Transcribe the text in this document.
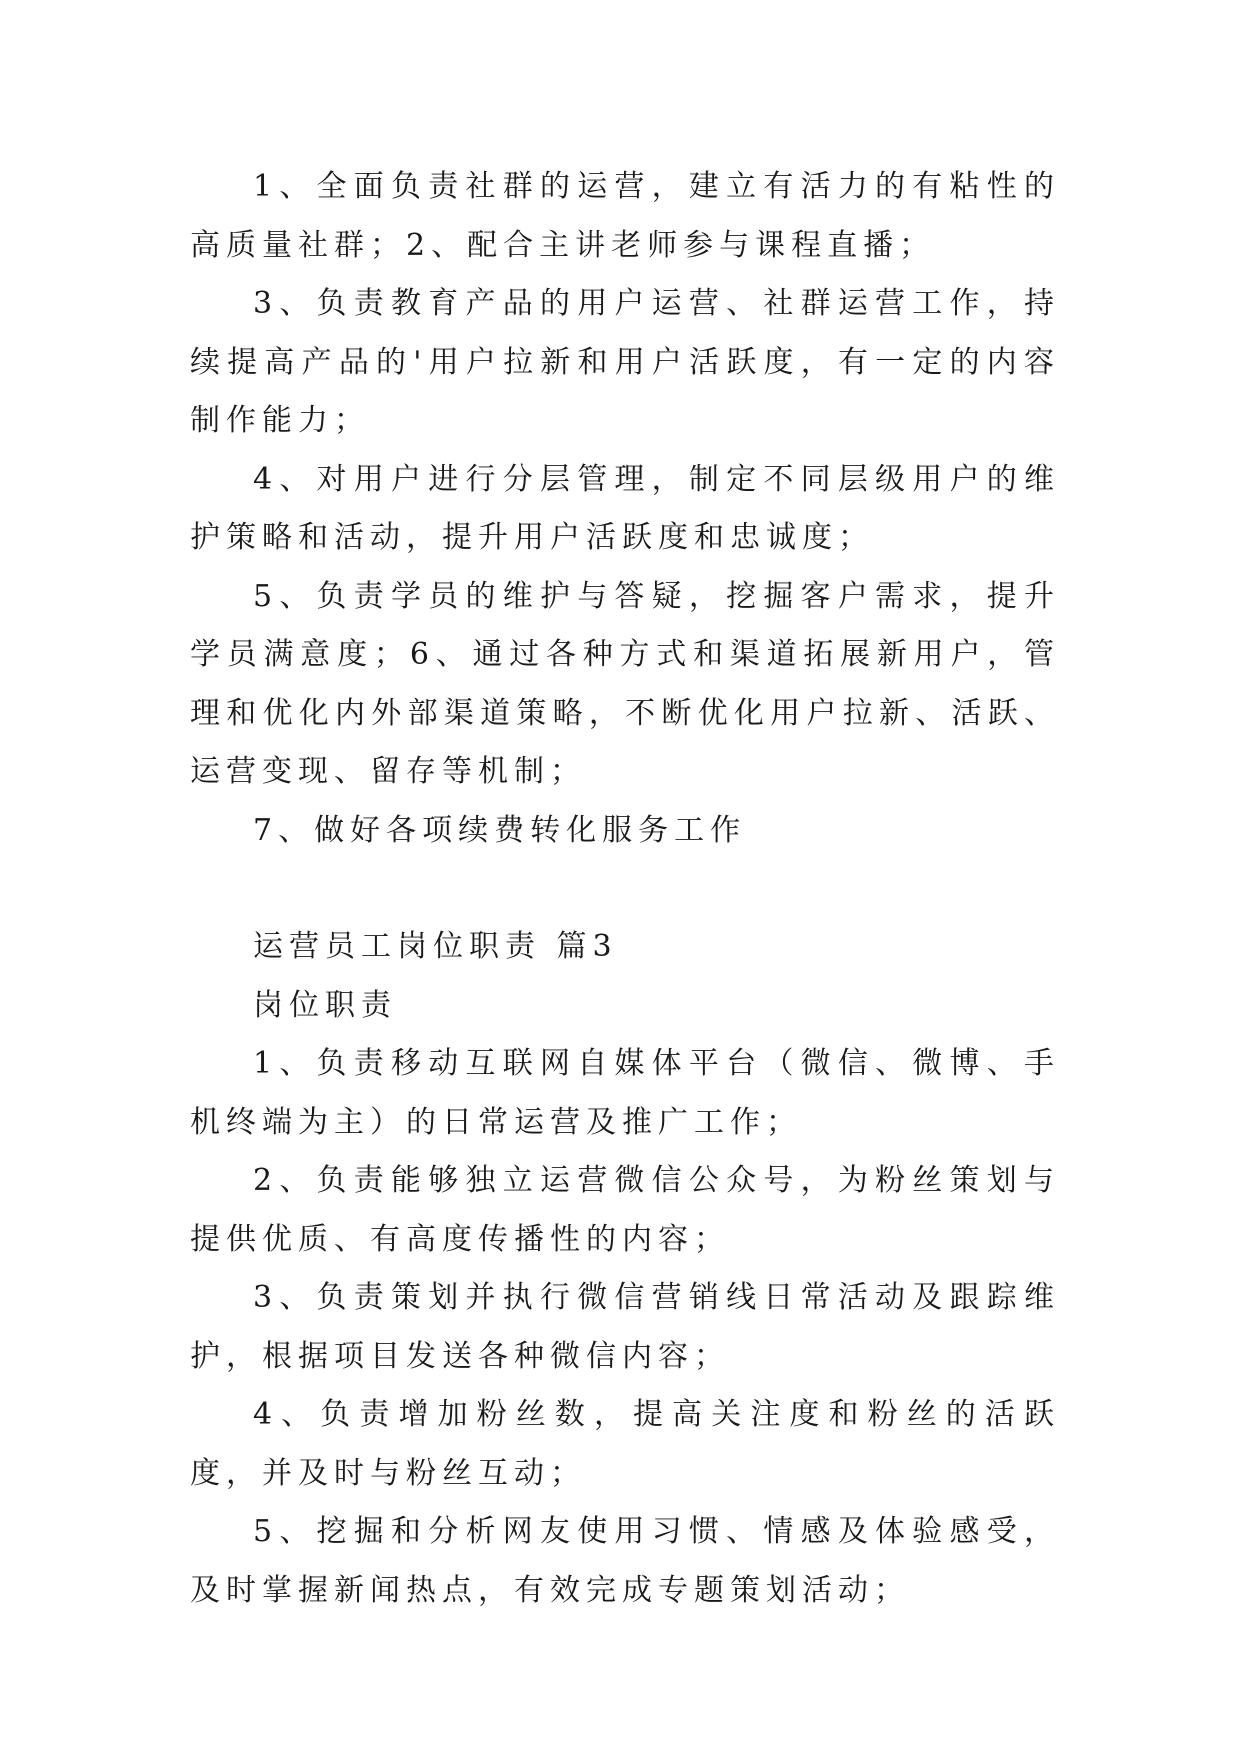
1、全面负责社群的运营，建立有活力的有粘性的高质量社群；2、配合主讲老师参与课程直播；

3、负责教育产品的用户运营、社群运营工作，持续提高产品的'用户拉新和用户活跃度，有一定的内容制作能力；

4、对用户进行分层管理，制定不同层级用户的维护策略和活动，提升用户活跃度和忠诚度；

5、负责学员的维护与答疑，挖掘客户需求，提升学员满意度；6、通过各种方式和渠道拓展新用户，管理和优化内外部渠道策略，不断优化用户拉新、活跃、运营变现、留存等机制；

7、做好各项续费转化服务工作

运营员工岗位职责 篇3

岗位职责

1、负责移动互联网自媒体平台（微信、微博、手机终端为主）的日常运营及推广工作；

2、负责能够独立运营微信公众号，为粉丝策划与提供优质、有高度传播性的内容；

3、负责策划并执行微信营销线日常活动及跟踪维护，根据项目发送各种微信内容；

4、负责增加粉丝数，提高关注度和粉丝的活跃度，并及时与粉丝互动；

5、挖掘和分析网友使用习惯、情感及体验感受，及时掌握新闻热点，有效完成专题策划活动；
